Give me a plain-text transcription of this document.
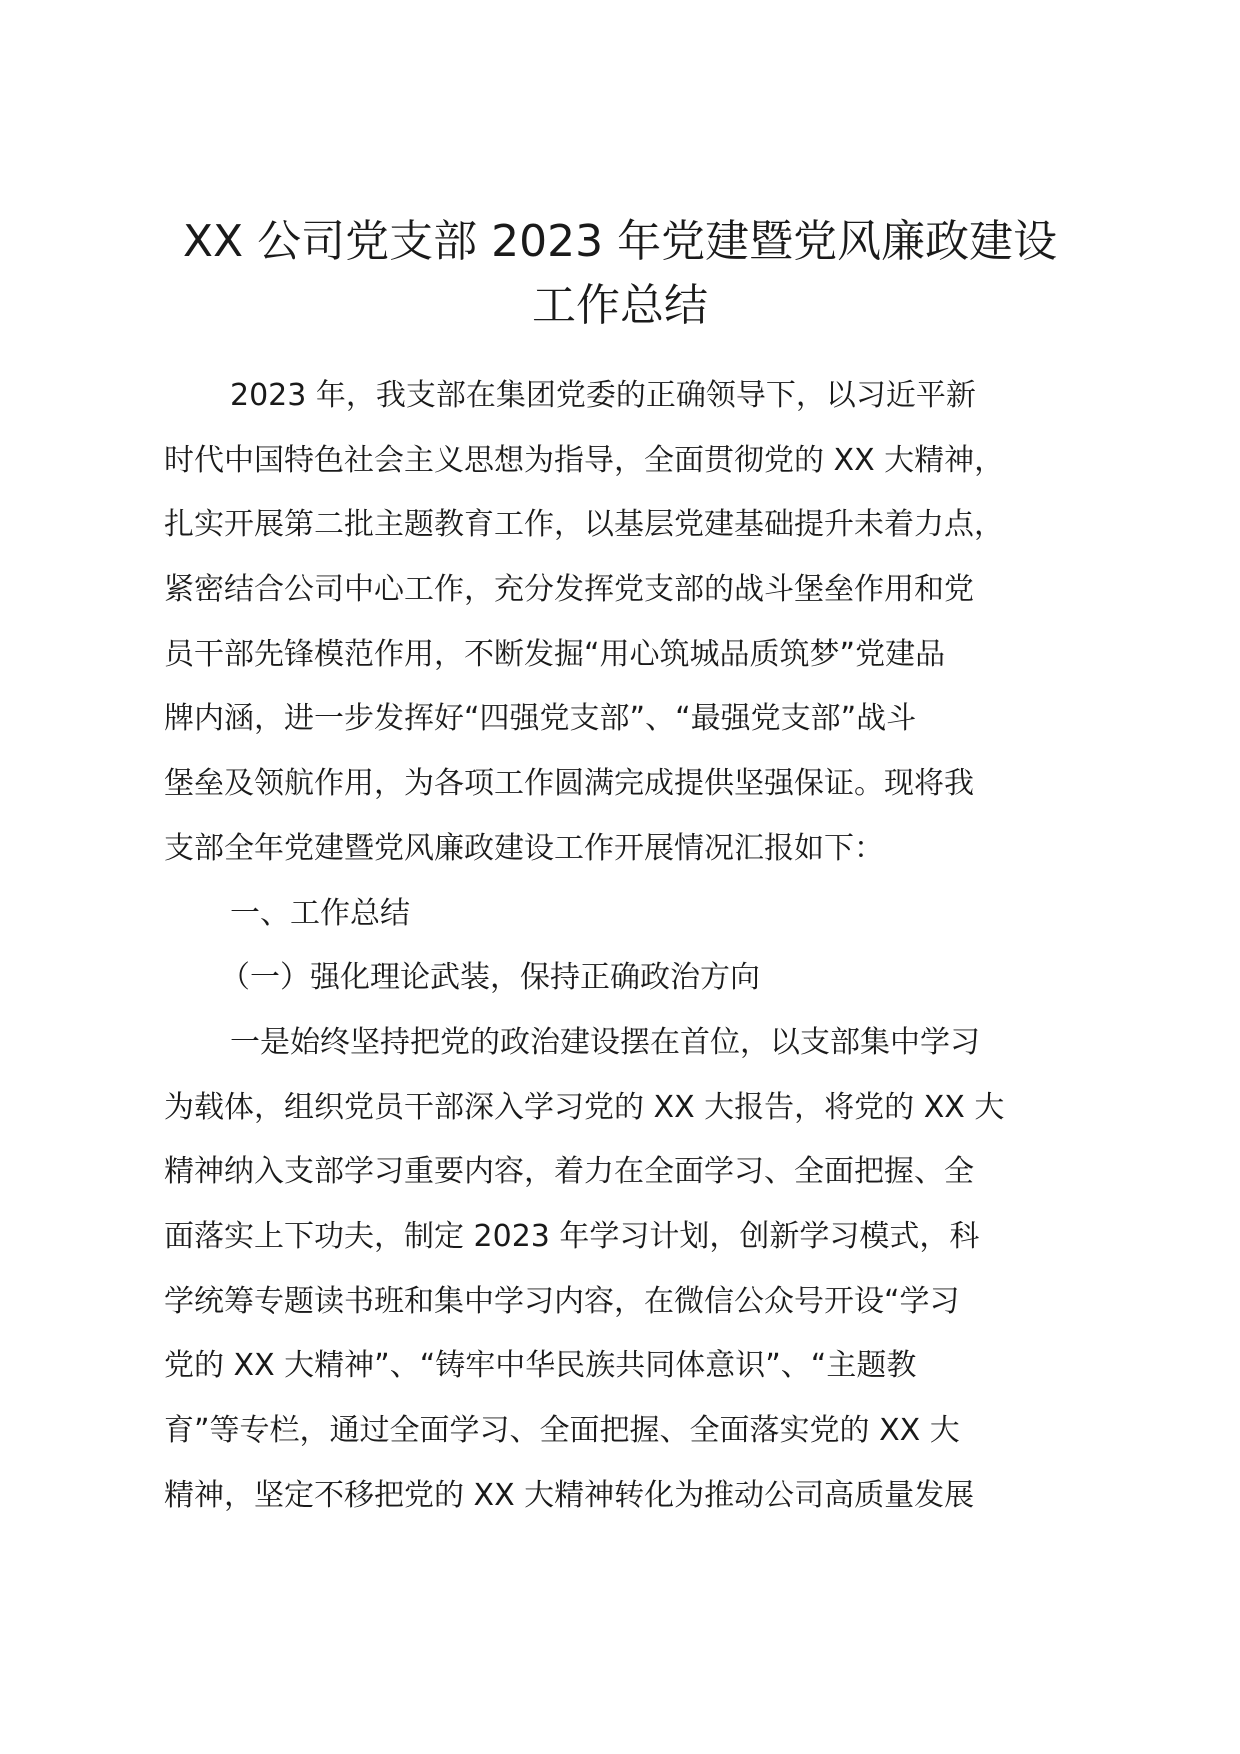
XX 公司党支部 2023 年党建暨党风廉政建设
工作总结
2023 年，我支部在集团党委的正确领导下，以习近平新
时代中国特色社会主义思想为指导，全面贯彻党的 XX 大精神，
扎实开展第二批主题教育工作，以基层党建基础提升未着力点，
紧密结合公司中心工作，充分发挥党支部的战斗堡垒作用和党
员干部先锋模范作用，不断发掘“用心筑城品质筑梦”党建品
牌内涵，进一步发挥好“四强党支部”、“最强党支部”战斗
堡垒及领航作用，为各项工作圆满完成提供坚强保证。现将我
支部全年党建暨党风廉政建设工作开展情况汇报如下：
一、工作总结
（一）强化理论武装，保持正确政治方向
一是始终坚持把党的政治建设摆在首位，以支部集中学习
为载体，组织党员干部深入学习党的 XX 大报告，将党的 XX 大
精神纳入支部学习重要内容，着力在全面学习、全面把握、全
面落实上下功夫，制定 2023 年学习计划，创新学习模式，科
学统筹专题读书班和集中学习内容，在微信公众号开设“学习
党的 XX 大精神”、“铸牢中华民族共同体意识”、“主题教
育”等专栏，通过全面学习、全面把握、全面落实党的 XX 大
精神，坚定不移把党的 XX 大精神转化为推动公司高质量发展
